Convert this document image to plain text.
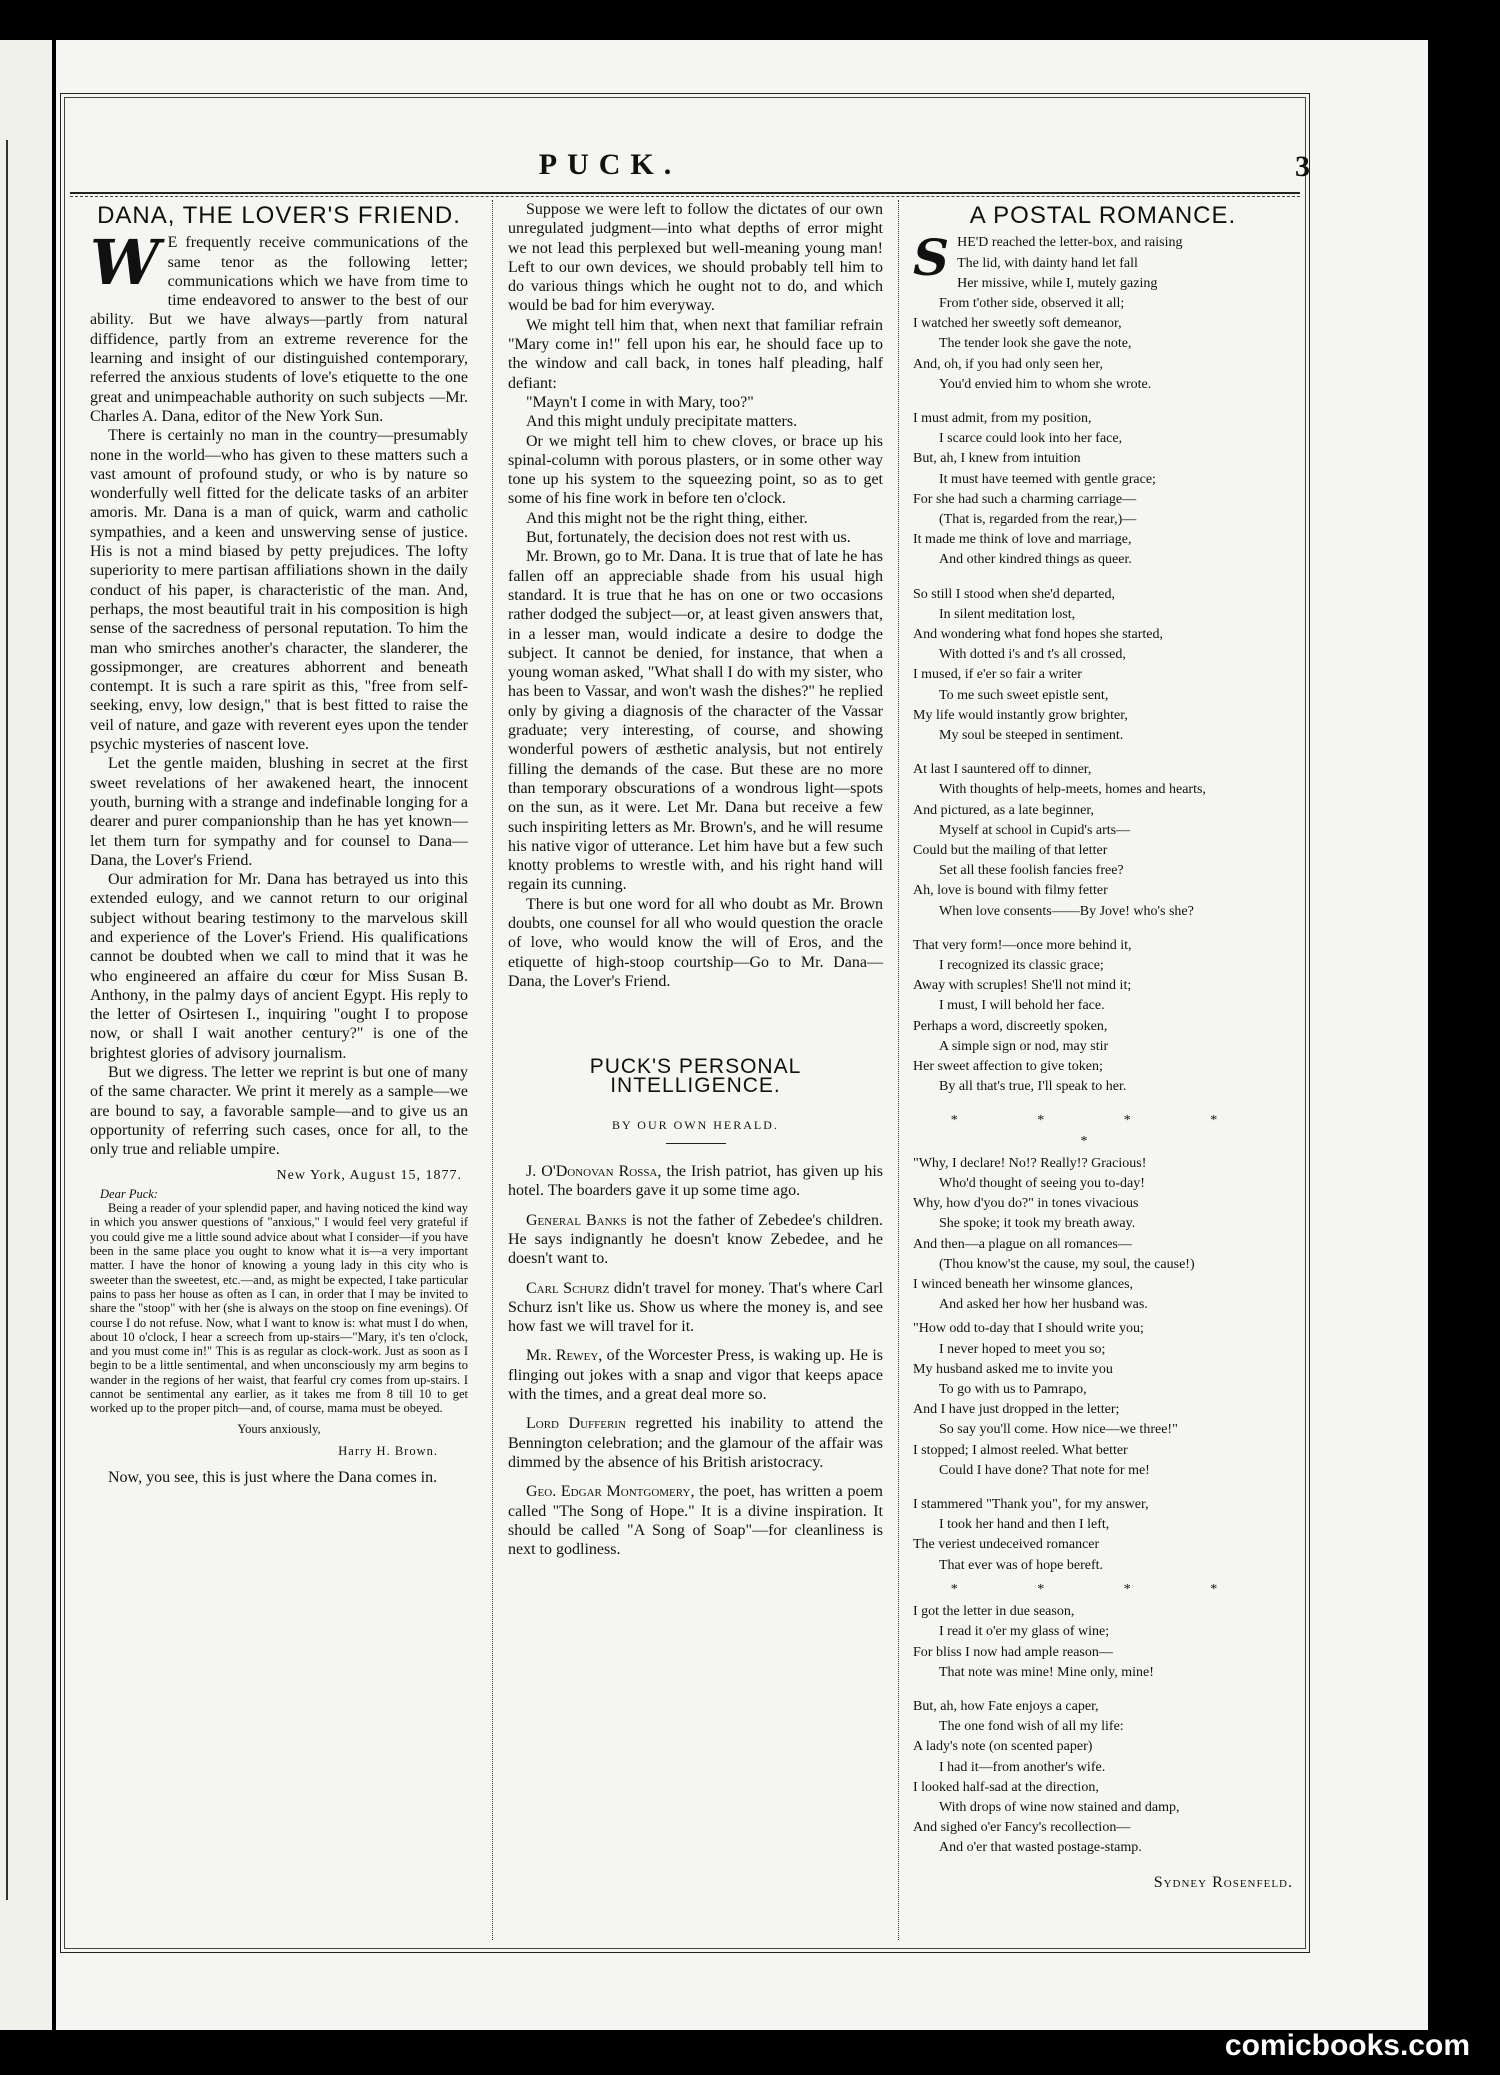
PUCK.	3
DANA, THE LOVER'S FRIEND.

W E frequently receive communications of the same tenor as the following letter; communications which we have from time to time endeavored to answer to the best of our ability. But we have always—partly from natural diffidence, partly from an extreme reverence for the learning and insight of our distinguished contemporary, referred the anxious students of love's etiquette to the one great and unimpeachable authority on such subjects —Mr. Charles A. Dana, editor of the New York Sun.

There is certainly no man in the country—presumably none in the world—who has given to these matters such a vast amount of profound study, or who is by nature so wonderfully well fitted for the delicate tasks of an arbiter amoris. Mr. Dana is a man of quick, warm and catholic sympathies, and a keen and unswerving sense of justice. His is not a mind biased by petty prejudices. The lofty superiority to mere partisan affiliations shown in the daily conduct of his paper, is characteristic of the man. And, perhaps, the most beautiful trait in his composition is high sense of the sacredness of personal reputation. To him the man who smirches another's character, the slanderer, the gossipmonger, are creatures abhorrent and beneath contempt. It is such a rare spirit as this, "free from self-seeking, envy, low design," that is best fitted to raise the veil of nature, and gaze with reverent eyes upon the tender psychic mysteries of nascent love.

Let the gentle maiden, blushing in secret at the first sweet revelations of her awakened heart, the innocent youth, burning with a strange and indefinable longing for a dearer and purer companionship than he has yet known—let them turn for sympathy and for counsel to Dana—Dana, the Lover's Friend.

Our admiration for Mr. Dana has betrayed us into this extended eulogy, and we cannot return to our original subject without bearing testimony to the marvelous skill and experience of the Lover's Friend. His qualifications cannot be doubted when we call to mind that it was he who engineered an affaire du cœur for Miss Susan B. Anthony, in the palmy days of ancient Egypt. His reply to the letter of Osirtesen I., inquiring "ought I to propose now, or shall I wait another century?" is one of the brightest glories of advisory journalism.

But we digress. The letter we reprint is but one of many of the same character. We print it merely as a sample—we are bound to say, a favorable sample—and to give us an opportunity of referring such cases, once for all, to the only true and reliable umpire.

New York, August 15, 1877.
Dear Puck:

Being a reader of your splendid paper, and having noticed the kind way in which you answer questions of "anxious," I would feel very grateful if you could give me a little sound advice about what I consider—if you have been in the same place you ought to know what it is—a very important matter. I have the honor of knowing a young lady in this city who is sweeter than the sweetest, etc.—and, as might be expected, I take particular pains to pass her house as often as I can, in order that I may be invited to share the "stoop" with her (she is always on the stoop on fine evenings). Of course I do not refuse. Now, what I want to know is: what must I do when, about 10 o'clock, I hear a screech from up-stairs—"Mary, it's ten o'clock, and you must come in!" This is as regular as clock-work. Just as soon as I begin to be a little sentimental, and when unconsciously my arm begins to wander in the regions of her waist, that fearful cry comes from up-stairs. I cannot be sentimental any earlier, as it takes me from 8 till 10 to get worked up to the proper pitch—and, of course, mama must be obeyed.

Yours anxiously,
Harry H. Brown.

Now, you see, this is just where the Dana comes in.

Suppose we were left to follow the dictates of our own unregulated judgment—into what depths of error might we not lead this perplexed but well-meaning young man! Left to our own devices, we should probably tell him to do various things which he ought not to do, and which would be bad for him everyway.

We might tell him that, when next that familiar refrain "Mary come in!" fell upon his ear, he should face up to the window and call back, in tones half pleading, half defiant:

"Mayn't I come in with Mary, too?"

And this might unduly precipitate matters.

Or we might tell him to chew cloves, or brace up his spinal-column with porous plasters, or in some other way tone up his system to the squeezing point, so as to get some of his fine work in before ten o'clock.

And this might not be the right thing, either.

But, fortunately, the decision does not rest with us.

Mr. Brown, go to Mr. Dana. It is true that of late he has fallen off an appreciable shade from his usual high standard. It is true that he has on one or two occasions rather dodged the subject—or, at least given answers that, in a lesser man, would indicate a desire to dodge the subject. It cannot be denied, for instance, that when a young woman asked, "What shall I do with my sister, who has been to Vassar, and won't wash the dishes?" he replied only by giving a diagnosis of the character of the Vassar graduate; very interesting, of course, and showing wonderful powers of æsthetic analysis, but not entirely filling the demands of the case. But these are no more than temporary obscurations of a wondrous light—spots on the sun, as it were. Let Mr. Dana but receive a few such inspiriting letters as Mr. Brown's, and he will resume his native vigor of utterance. Let him have but a few such knotty problems to wrestle with, and his right hand will regain its cunning.

There is but one word for all who doubt as Mr. Brown doubts, one counsel for all who would question the oracle of love, who would know the will of Eros, and the etiquette of high-stoop courtship—Go to Mr. Dana—Dana, the Lover's Friend.

PUCK'S PERSONAL INTELLIGENCE.
BY OUR OWN HERALD.

J. O'Donovan Rossa, the Irish patriot, has given up his hotel. The boarders gave it up some time ago.

General Banks is not the father of Zebedee's children. He says indignantly he doesn't know Zebedee, and he doesn't want to.

Carl Schurz didn't travel for money. That's where Carl Schurz isn't like us. Show us where the money is, and see how fast we will travel for it.

Mr. Rewey, of the Worcester Press, is waking up. He is flinging out jokes with a snap and vigor that keeps apace with the times, and a great deal more so.

Lord Dufferin regretted his inability to attend the Bennington celebration; and the glamour of the affair was dimmed by the absence of his British aristocracy.

Geo. Edgar Montgomery, the poet, has written a poem called "The Song of Hope." It is a divine inspiration. It should be called "A Song of Soap"—for cleanliness is next to godliness.

A POSTAL ROMANCE.
S HE'D reached the letter-box, and raising
The lid, with dainty hand let fall
Her missive, while I, mutely gazing
From t'other side, observed it all;
I watched her sweetly soft demeanor,
The tender look she gave the note,
And, oh, if you had only seen her,
You'd envied him to whom she wrote.
I must admit, from my position,
I scarce could look into her face,
But, ah, I knew from intuition
It must have teemed with gentle grace;
For she had such a charming carriage—
(That is, regarded from the rear,)—
It made me think of love and marriage,
And other kindred things as queer.
So still I stood when she'd departed,
In silent meditation lost,
And wondering what fond hopes she started,
With dotted i's and t's all crossed,
I mused, if e'er so fair a writer
To me such sweet epistle sent,
My life would instantly grow brighter,
My soul be steeped in sentiment.
At last I sauntered off to dinner,
With thoughts of help-meets, homes and hearts,
And pictured, as a late beginner,
Myself at school in Cupid's arts—
Could but the mailing of that letter
Set all these foolish fancies free?
Ah, love is bound with filmy fetter
When love consents——By Jove! who's she?
That very form!—once more behind it,
I recognized its classic grace;
Away with scruples! She'll not mind it;
I must, I will behold her face.
Perhaps a word, discreetly spoken,
A simple sign or nod, may stir
Her sweet affection to give token;
By all that's true, I'll speak to her.
* * * * *
"Why, I declare! No!? Really!? Gracious!
Who'd thought of seeing you to-day!
Why, how d'you do?" in tones vivacious
She spoke; it took my breath away.
And then—a plague on all romances—
(Thou know'st the cause, my soul, the cause!)
I winced beneath her winsome glances,
And asked her how her husband was.
"How odd to-day that I should write you;
I never hoped to meet you so;
My husband asked me to invite you
To go with us to Pamrapo,
And I have just dropped in the letter;
So say you'll come. How nice—we three!"
I stopped; I almost reeled. What better
Could I have done? That note for me!
I stammered "Thank you", for my answer,
I took her hand and then I left,
The veriest undeceived romancer
That ever was of hope bereft.
* * * *
I got the letter in due season,
I read it o'er my glass of wine;
For bliss I now had ample reason—
That note was mine! Mine only, mine!
But, ah, how Fate enjoys a caper,
The one fond wish of all my life:
A lady's note (on scented paper)
I had it—from another's wife.
I looked half-sad at the direction,
With drops of wine now stained and damp,
And sighed o'er Fancy's recollection—
And o'er that wasted postage-stamp.
Sydney Rosenfeld.
comicbooks.com
